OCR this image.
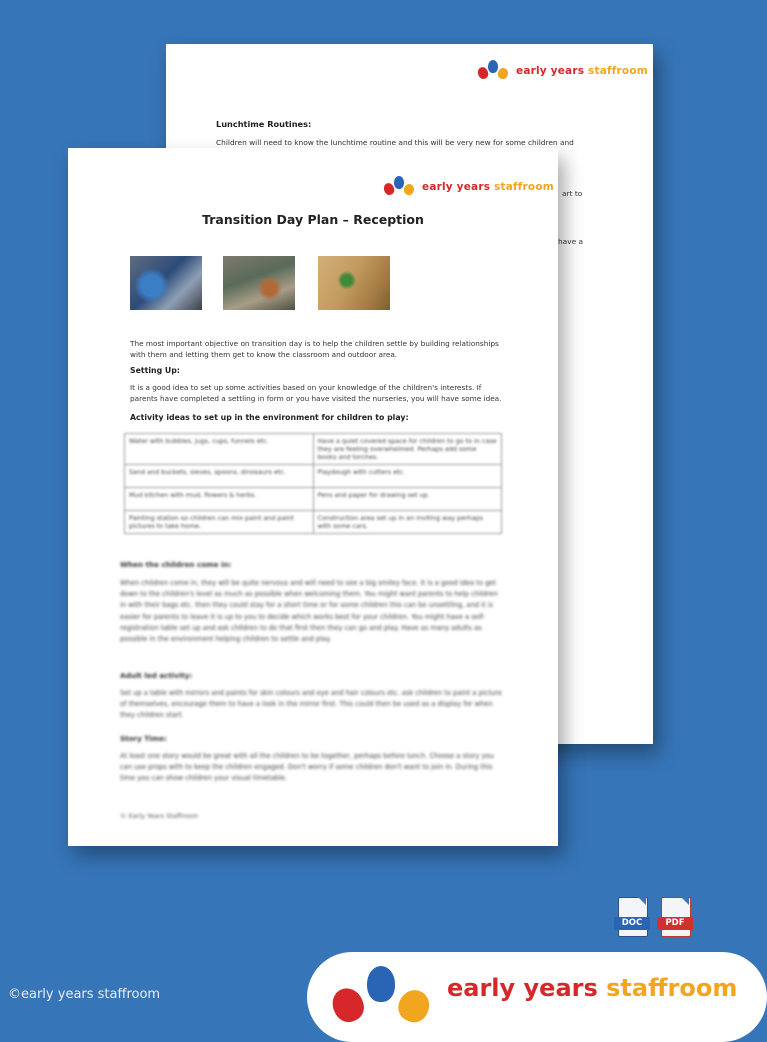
early years staffroom
Lunchtime Routines:
Children will need to know the lunchtime routine and this will be very new for some children and
art to
have a
early years staffroom
Transition Day Plan – Reception
The most important objective on transition day is to help the children settle by building relationships with them and letting them get to know the classroom and outdoor area.
Setting Up:
It is a good idea to set up some activities based on your knowledge of the children's interests. If parents have completed a settling in form or you have visited the nurseries, you will have some idea.
Activity ideas to set up in the environment for children to play:
Water with bubbles, jugs, cups, funnels etc.	Have a quiet covered space for children to go to in case they are feeling overwhelmed. Perhaps add some books and torches.
Sand and buckets, sieves, spoons, dinosaurs etc.	Playdough with cutters etc.
Mud kitchen with mud, flowers & herbs.	Pens and paper for drawing set up.
Painting station so children can mix paint and paint pictures to take home.	Construction area set up in an inviting way perhaps with some cars.
When the children come in:
When children come in, they will be quite nervous and will need to see a big smiley face. It is a good idea to get down to the children's level as much as possible when welcoming them. You might want parents to help children in with their bags etc. then they could stay for a short time or for some children this can be unsettling, and it is easier for parents to leave it is up to you to decide which works best for your children. You might have a self-registration table set up and ask children to do that first then they can go and play. Have as many adults as possible in the environment helping children to settle and play.
Adult led activity:
Set up a table with mirrors and paints for skin colours and eye and hair colours etc. ask children to paint a picture of themselves, encourage them to have a look in the mirror first. This could then be used as a display for when they children start.
Story Time:
At least one story would be great with all the children to be together, perhaps before lunch. Choose a story you can use props with to keep the children engaged. Don't worry if some children don't want to join in. During this time you can show children your visual timetable.
© Early Years Staffroom
DOC	PDF
©early years staffroom	early years staffroom
